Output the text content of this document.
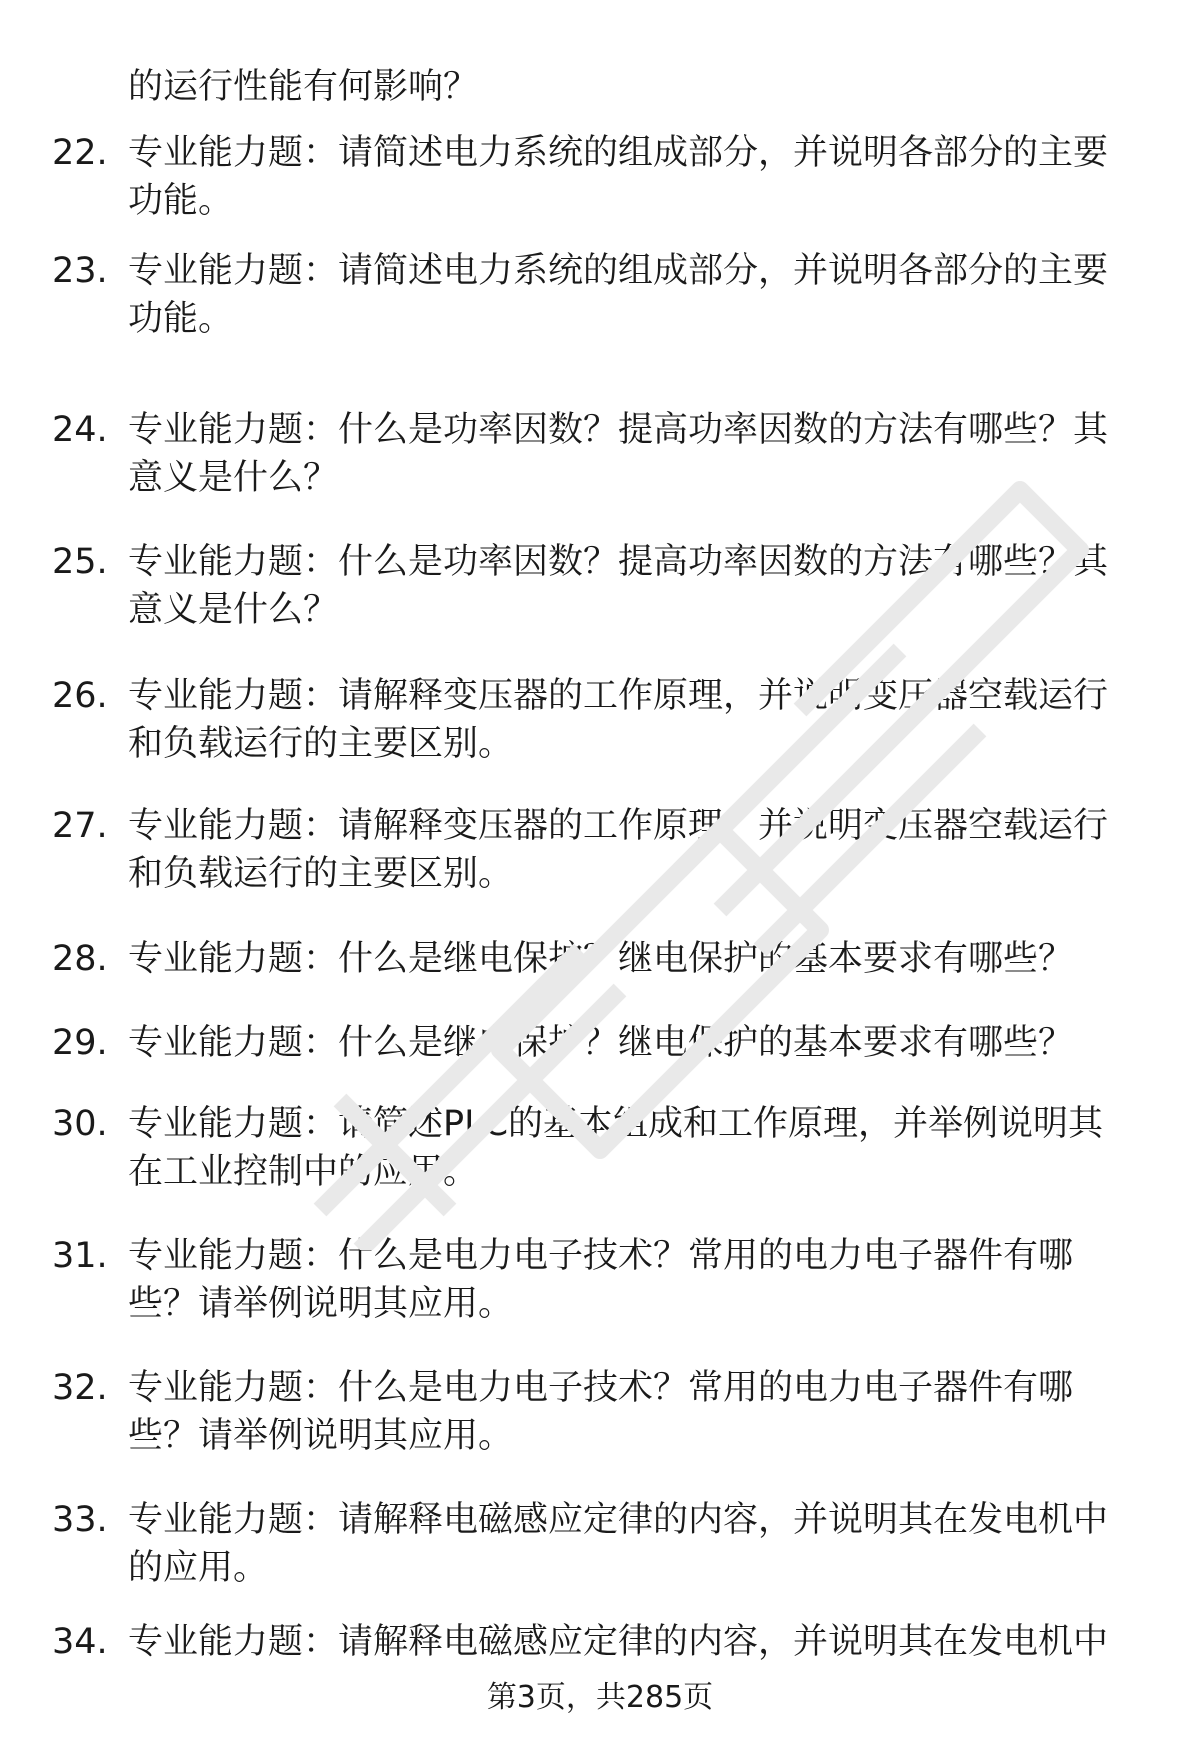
的运行性能有何影响？
22. 专业能力题：请简述电力系统的组成部分，并说明各部分的主要
功能。
23. 专业能力题：请简述电力系统的组成部分，并说明各部分的主要
功能。
24. 专业能力题：什么是功率因数？提高功率因数的方法有哪些？其
意义是什么？
25. 专业能力题：什么是功率因数？提高功率因数的方法有哪些？其
意义是什么？
26. 专业能力题：请解释变压器的工作原理，并说明变压器空载运行
和负载运行的主要区别。
27. 专业能力题：请解释变压器的工作原理，并说明变压器空载运行
和负载运行的主要区别。
28. 专业能力题：什么是继电保护？继电保护的基本要求有哪些？
29. 专业能力题：什么是继电保护？继电保护的基本要求有哪些？
30. 专业能力题：请简述PLC的基本组成和工作原理，并举例说明其
在工业控制中的应用。
31. 专业能力题：什么是电力电子技术？常用的电力电子器件有哪
些？请举例说明其应用。
32. 专业能力题：什么是电力电子技术？常用的电力电子器件有哪
些？请举例说明其应用。
33. 专业能力题：请解释电磁感应定律的内容，并说明其在发电机中
的应用。
34. 专业能力题：请解释电磁感应定律的内容，并说明其在发电机中
第3页，共285页
